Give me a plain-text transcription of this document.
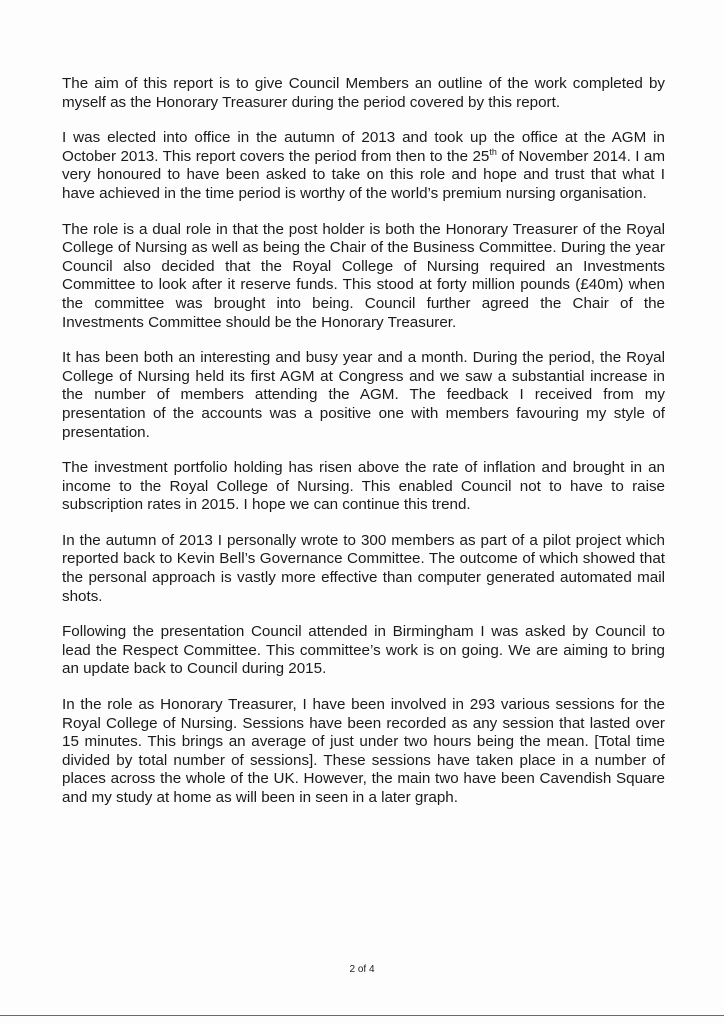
The aim of this report is to give Council Members an outline of the work completed by myself as the Honorary Treasurer during the period covered by this report.

I was elected into office in the autumn of 2013 and took up the office at the AGM in October 2013. This report covers the period from then to the 25th of November 2014. I am very honoured to have been asked to take on this role and hope and trust that what I have achieved in the time period is worthy of the world’s premium nursing organisation.

The role is a dual role in that the post holder is both the Honorary Treasurer of the Royal College of Nursing as well as being the Chair of the Business Committee. During the year Council also decided that the Royal College of Nursing required an Investments Committee to look after it reserve funds. This stood at forty million pounds (£40m) when the committee was brought into being. Council further agreed the Chair of the Investments Committee should be the Honorary Treasurer.

It has been both an interesting and busy year and a month. During the period, the Royal College of Nursing held its first AGM at Congress and we saw a substantial increase in the number of members attending the AGM. The feedback I received from my presentation of the accounts was a positive one with members favouring my style of presentation.

The investment portfolio holding has risen above the rate of inflation and brought in an income to the Royal College of Nursing. This enabled Council not to have to raise subscription rates in 2015. I hope we can continue this trend.

In the autumn of 2013 I personally wrote to 300 members as part of a pilot project which reported back to Kevin Bell’s Governance Committee. The outcome of which showed that the personal approach is vastly more effective than computer generated automated mail shots.

Following the presentation Council attended in Birmingham I was asked by Council to lead the Respect Committee. This committee’s work is on going. We are aiming to bring an update back to Council during 2015.

In the role as Honorary Treasurer, I have been involved in 293 various sessions for the Royal College of Nursing. Sessions have been recorded as any session that lasted over 15 minutes. This brings an average of just under two hours being the mean. [Total time divided by total number of sessions]. These sessions have taken place in a number of places across the whole of the UK. However, the main two have been Cavendish Square and my study at home as will been in seen in a later graph.

2 of 4
